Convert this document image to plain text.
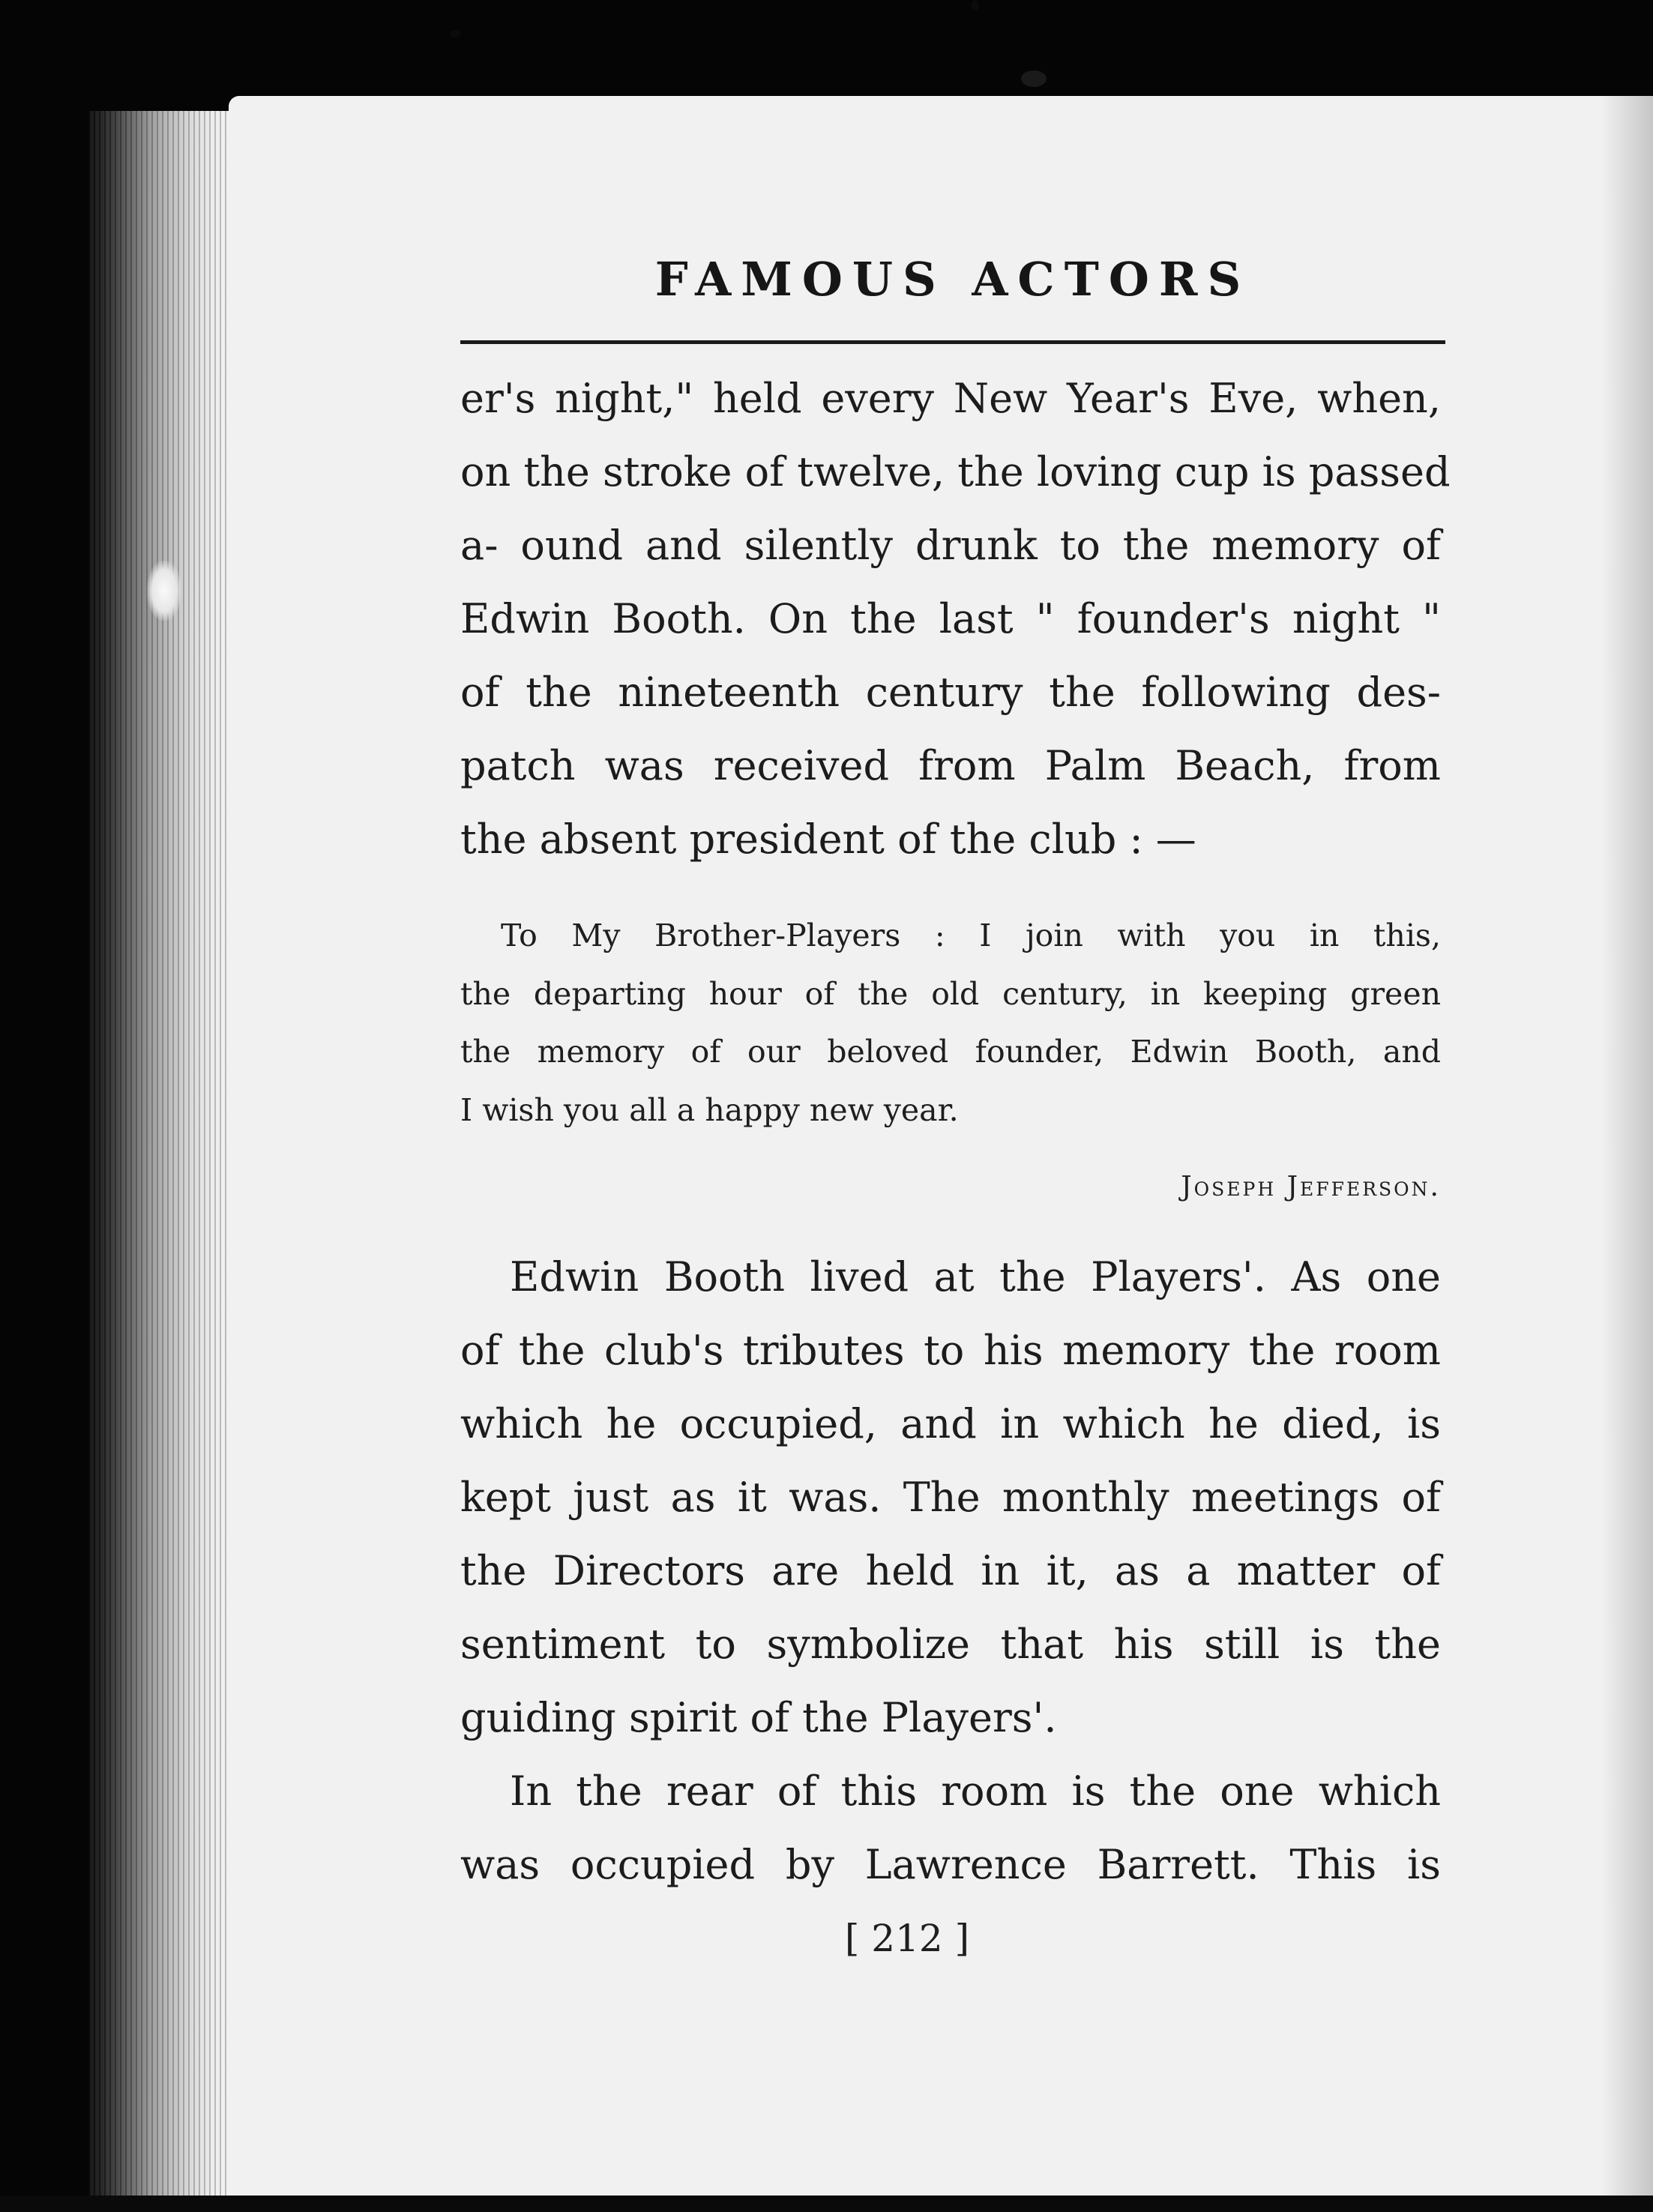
FAMOUS ACTORS
er's night," held every New Year's Eve, when,
on the stroke of twelve, the loving cup is passed
a- ound and silently drunk to the memory of
Edwin Booth. On the last " founder's night "
of the nineteenth century the following des-
patch was received from Palm Beach, from
the absent president of the club : —
To My Brother-Players : I join with you in this,
the departing hour of the old century, in keeping green
the memory of our beloved founder, Edwin Booth, and
I wish you all a happy new year.
Joseph Jefferson.
Edwin Booth lived at the Players'. As one
of the club's tributes to his memory the room
which he occupied, and in which he died, is
kept just as it was. The monthly meetings of
the Directors are held in it, as a matter of
sentiment to symbolize that his still is the
guiding spirit of the Players'.
In the rear of this room is the one which
was occupied by Lawrence Barrett. This is
[ 212 ]
